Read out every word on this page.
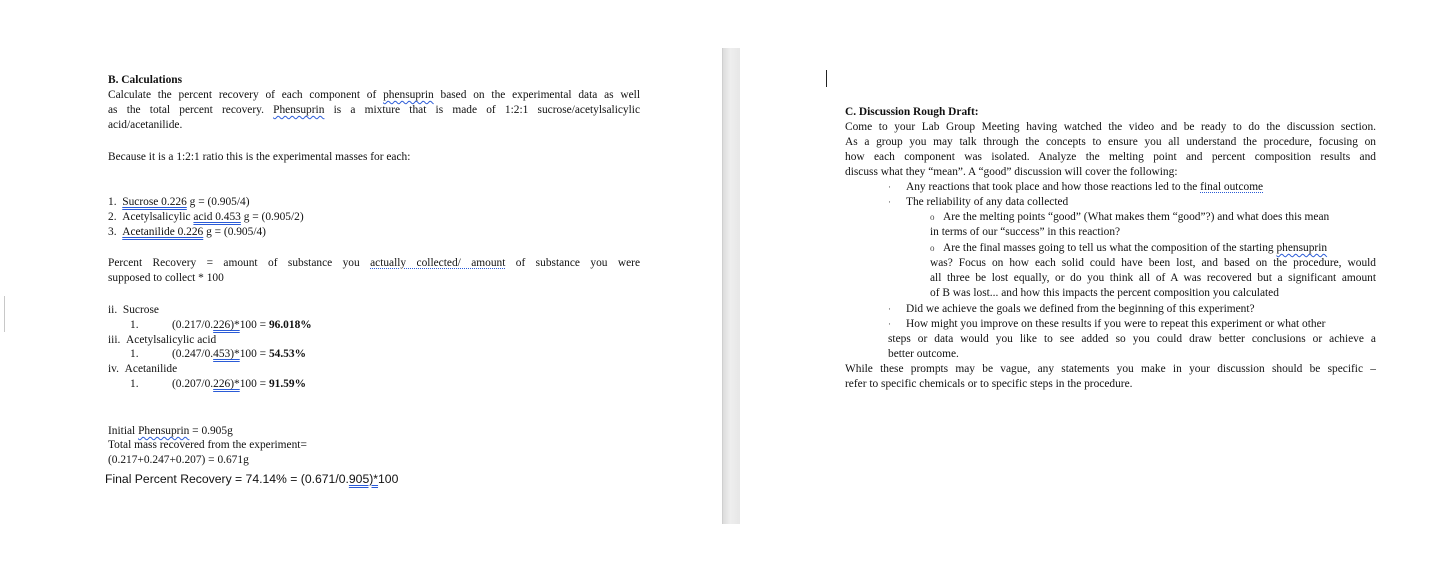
B. Calculations
Calculate the percent recovery of each component of phensuprin based on the experimental data as well
as the total percent recovery. Phensuprin is a mixture that is made of 1:2:1 sucrose/acetylsalicylic
acid/acetanilide.
Because it is a 1:2:1 ratio this is the experimental masses for each:
1. Sucrose 0.226 g = (0.905/4)
2. Acetylsalicylic acid 0.453 g = (0.905/2)
3. Acetanilide 0.226 g = (0.905/4)
Percent Recovery = amount of substance you actually collected/ amount of substance you were
supposed to collect * 100
ii. Sucrose
1.	(0.217/0.226)*100 = 96.018%
iii. Acetylsalicylic acid
1.	(0.247/0.453)*100 = 54.53%
iv. Acetanilide
1.	(0.207/0.226)*100 = 91.59%
Initial Phensuprin = 0.905g
Total mass recovered from the experiment=
(0.217+0.247+0.207) = 0.671g
Final Percent Recovery = 74.14% = (0.671/0.905)*100
C. Discussion Rough Draft:
Come to your Lab Group Meeting having watched the video and be ready to do the discussion section.
As a group you may talk through the concepts to ensure you all understand the procedure, focusing on
how each component was isolated. Analyze the melting point and percent composition results and
discuss what they “mean”. A “good” discussion will cover the following:
· Any reactions that took place and how those reactions led to the final outcome
· The reliability of any data collected
o Are the melting points “good” (What makes them “good”?) and what does this mean
in terms of our “success” in this reaction?
o Are the final masses going to tell us what the composition of the starting phensuprin
was? Focus on how each solid could have been lost, and based on the procedure, would
all three be lost equally, or do you think all of A was recovered but a significant amount
of B was lost... and how this impacts the percent composition you calculated
· Did we achieve the goals we defined from the beginning of this experiment?
· How might you improve on these results if you were to repeat this experiment or what other
steps or data would you like to see added so you could draw better conclusions or achieve a
better outcome.
While these prompts may be vague, any statements you make in your discussion should be specific –
refer to specific chemicals or to specific steps in the procedure.
